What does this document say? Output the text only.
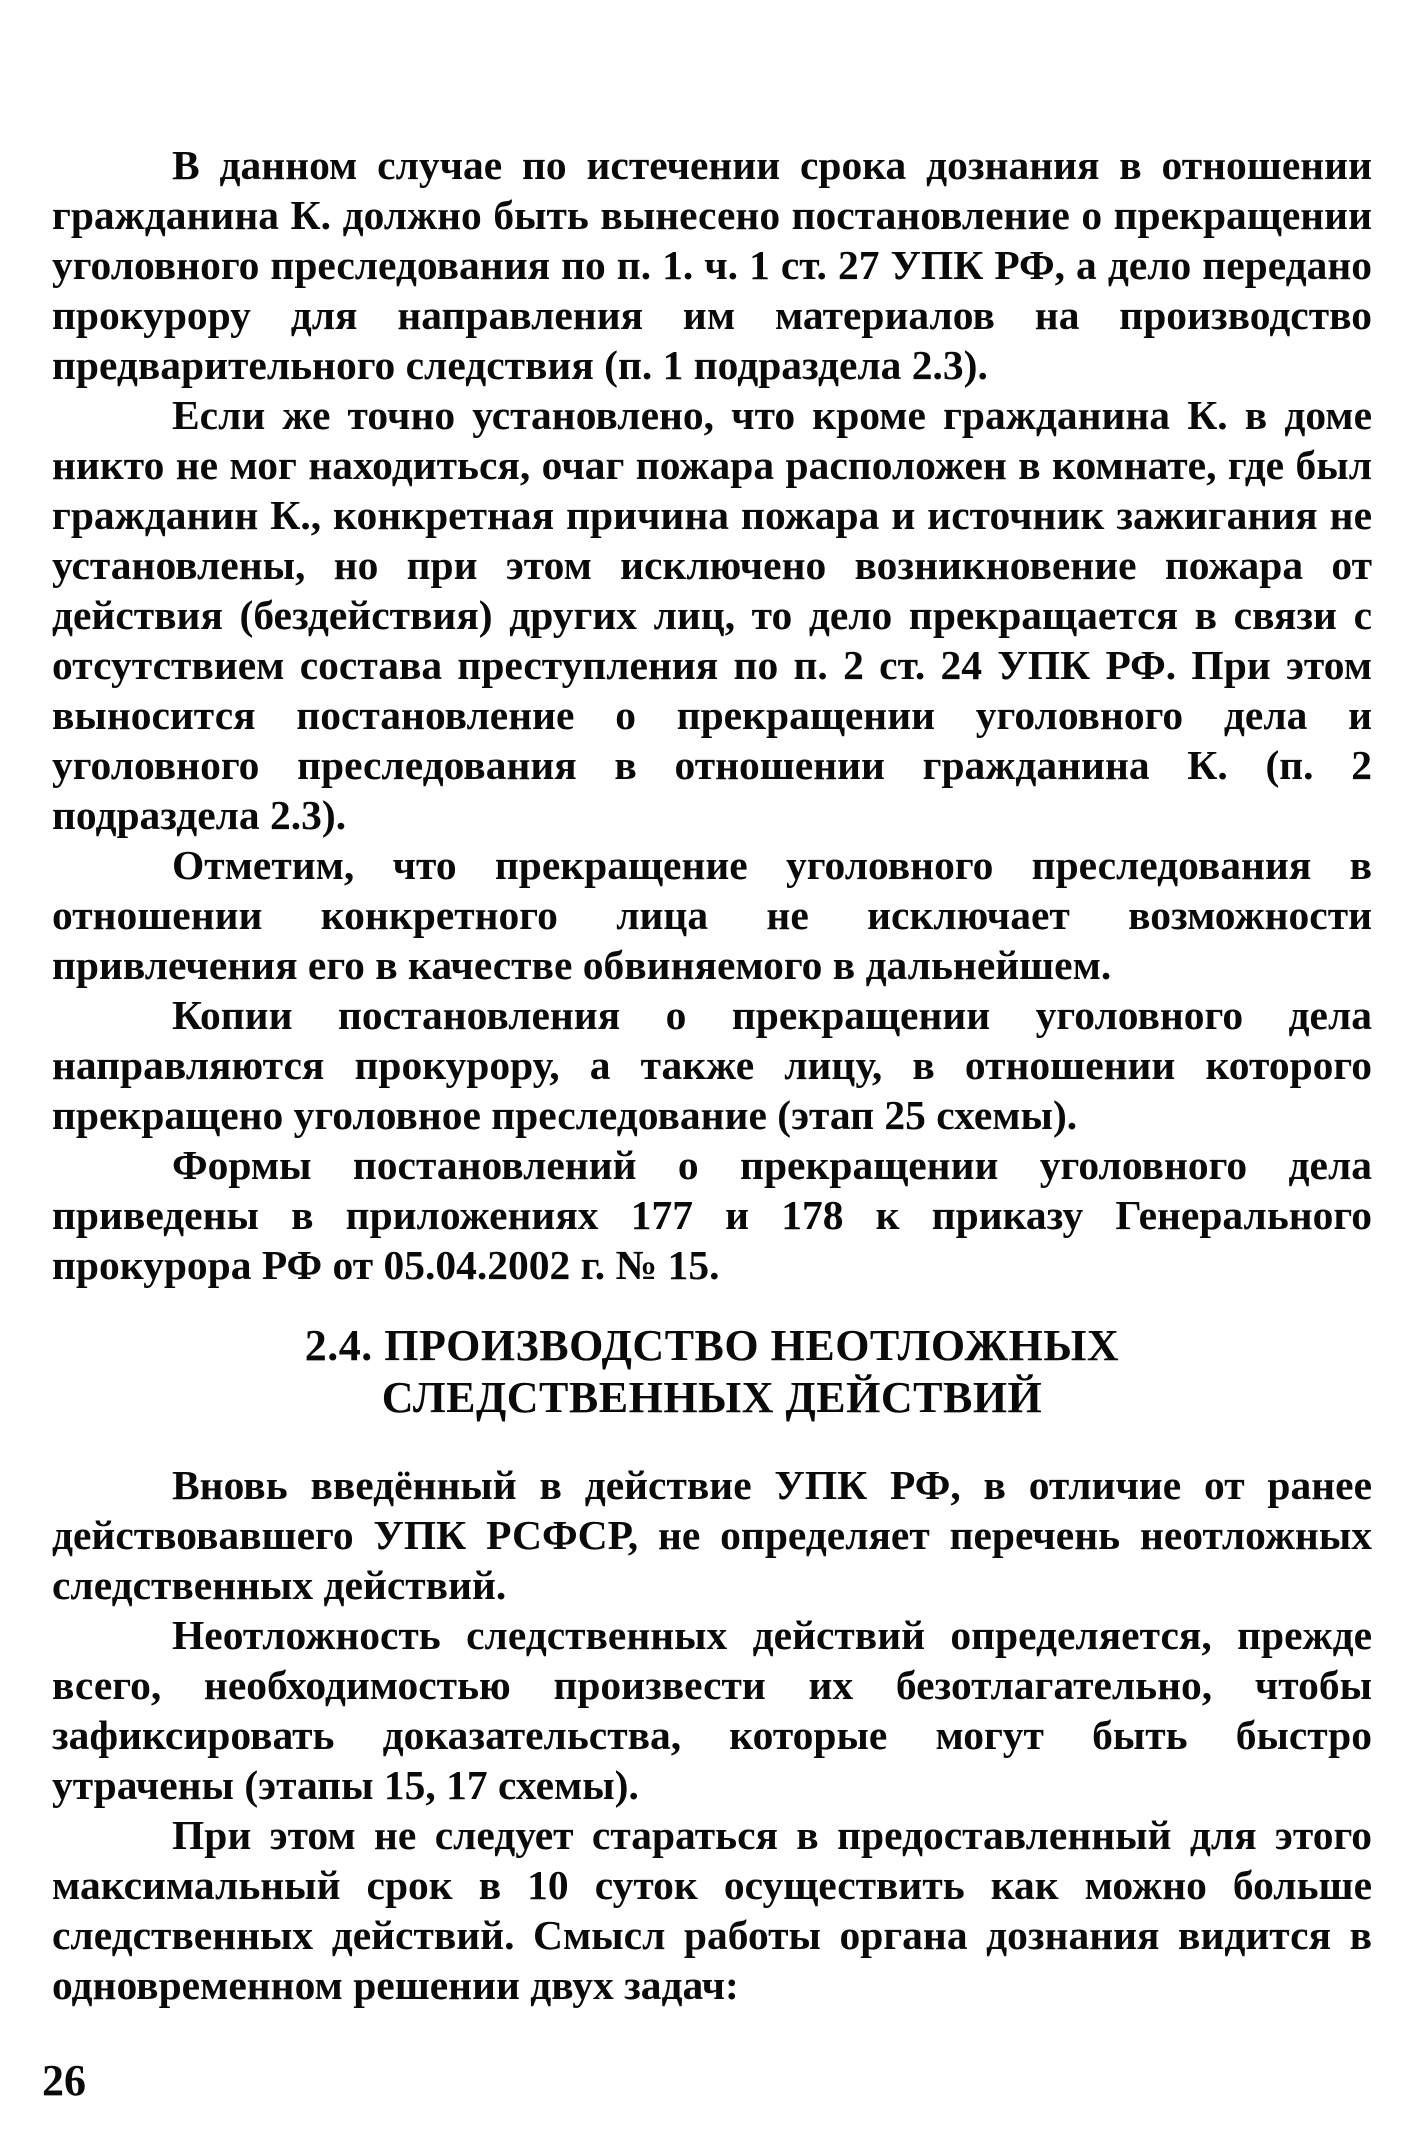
В данном случае по истечении срока дознания в отношении гражданина К. должно быть вынесено постановление о прекращении уголовного преследования по п. 1. ч. 1 ст. 27 УПК РФ, а дело передано прокурору для направления им материалов на производство предварительного следствия (п. 1 подраздела 2.3).

Если же точно установлено, что кроме гражданина К. в доме никто не мог находиться, очаг пожара расположен в комнате, где был гражданин К., конкретная причина пожара и источник зажигания не установлены, но при этом исключено возникновение пожара от действия (бездействия) других лиц, то дело прекращается в связи с отсутствием состава преступления по п. 2 ст. 24 УПК РФ. При этом выносится постановление о прекращении уголовного дела и уголовного преследования в отношении гражданина К. (п. 2 подраздела 2.3).

Отметим, что прекращение уголовного преследования в отношении конкретного лица не исключает возможности привлечения его в качестве обвиняемого в дальнейшем.

Копии постановления о прекращении уголовного дела направляются прокурору, а также лицу, в отношении которого прекращено уголовное преследование (этап 25 схемы).

Формы постановлений о прекращении уголовного дела приведены в приложениях 177 и 178 к приказу Генерального прокурора РФ от 05.04.2002 г. № 15.

2.4. ПРОИЗВОДСТВО НЕОТЛОЖНЫХ
СЛЕДСТВЕННЫХ ДЕЙСТВИЙ

Вновь введённый в действие УПК РФ, в отличие от ранее действовавшего УПК РСФСР, не определяет перечень неотложных следственных действий.

Неотложность следственных действий определяется, прежде всего, необходимостью произвести их безотлагательно, чтобы зафиксировать доказательства, которые могут быть быстро утрачены (этапы 15, 17 схемы).

При этом не следует стараться в предоставленный для этого максимальный срок в 10 суток осуществить как можно больше следственных действий. Смысл работы органа дознания видится в одновременном решении двух задач:

26
